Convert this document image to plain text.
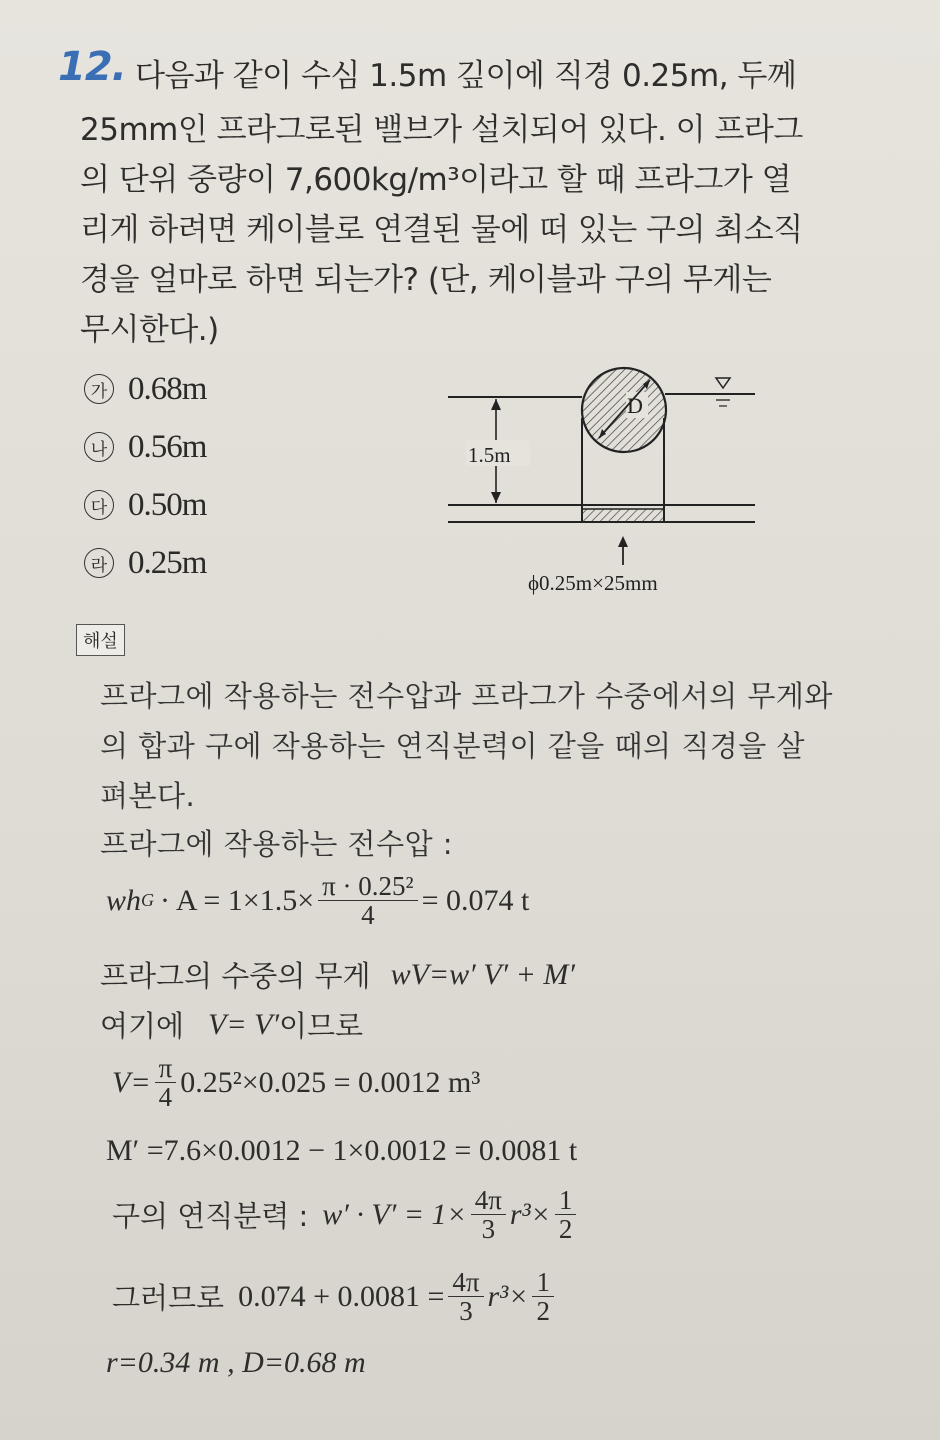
12. 다음과 같이 수심 1.5m 깊이에 직경 0.25m, 두께
25mm인 프라그로된 밸브가 설치되어 있다. 이 프라그
의 단위 중량이 7,600kg/m³이라고 할 때 프라그가 열
리게 하려면 케이블로 연결된 물에 떠 있는 구의 최소직
경을 얼마로 하면 되는가? (단, 케이블과 구의 무게는
무시한다.)
가 0.68m
나 0.56m
다 0.50m
라 0.25m
D
1.5m
ϕ0.25m×25mm
해설
프라그에 작용하는 전수압과 프라그가 수중에서의 무게와
의 합과 구에 작용하는 연직분력이 같을 때의 직경을 살
펴본다.
프라그에 작용하는 전수압 :
wh $G \cdot A = 1\times 1.5\times \frac{\text{π · 0.25²}}{4} = 0.074$ t
프라그의 수중의 무게 wV=w′ V′ + M′
여기에 V= V′ 이므로
$V= \frac{\pi}{4} 0.25^2\times 0.025 = 0.0012$ m³
M′ =7.6×0.0012 − 1×0.0012 = 0.0081 t
구의 연직분력 : $w' \cdot V' = 1\times \frac{4\pi}{3} r^3\times \frac{1}{2}$
그러므로 $0.074 + 0.0081 = \frac{4\pi}{3} r^3\times \frac{1}{2}$
r=0.34 m , D=0.68 m
